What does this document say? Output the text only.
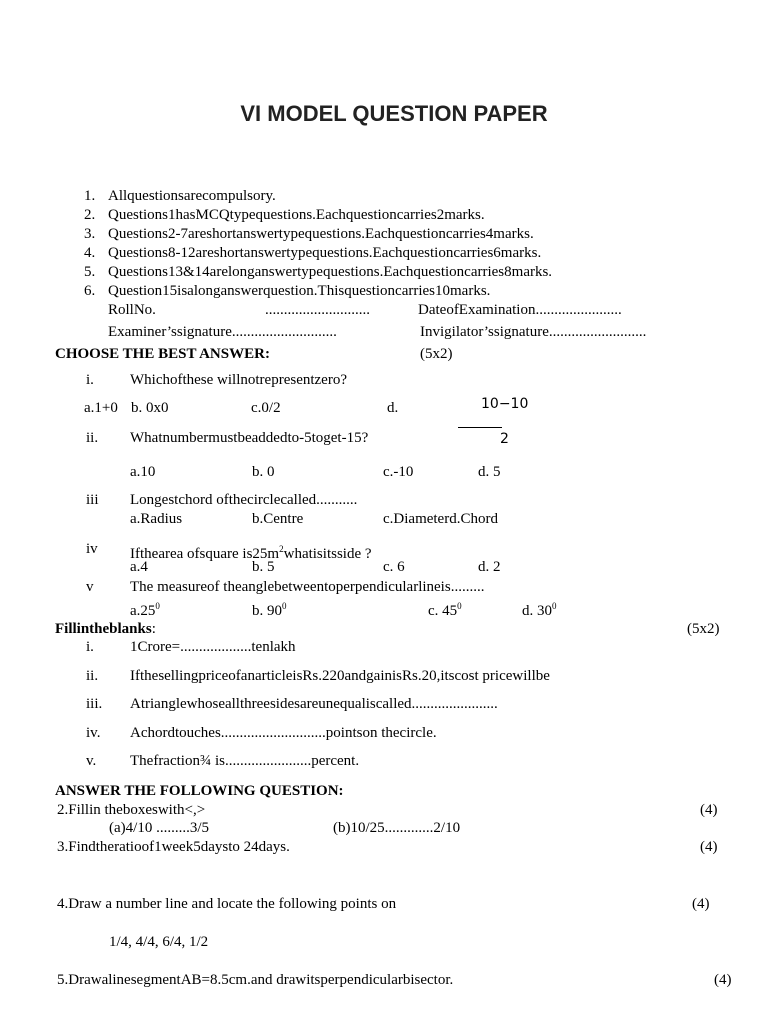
VI MODEL QUESTION PAPER
1. Allquestionsarecompulsory.
2. Questions1hasMCQtypequestions.Eachquestioncarries2marks.
3. Questions2-7areshortanswertypequestions.Eachquestioncarries4marks.
4. Questions8-12areshortanswertypequestions.Eachquestioncarries6marks.
5. Questions13&14arelonganswertypequestions.Eachquestioncarries8marks.
6. Question15isalonganswerquestion.Thisquestioncarries10marks.
RollNo.	............................	DateofExamination.......................
Examiner’ssignature............................	Invigilator’ssignature..........................
CHOOSE THE BEST ANSWER:	(5x2)
i. Whichofthese willnotrepresentzero?
a.1+0 b. 0x0	c.0/2	d.	10−10
2
ii. Whatnumbermustbeaddedto-5toget-15?
a.10	b. 0	c.-10	d. 5
iii Longestchord ofthecirclecalled...........
a.Radius	b.Centre	c.Diameterd.Chord
iv Ifthearea ofsquare $is25m^2whatisitsside$ ?
a.4	b. 5	c. 6	d. 2
v The measureof theanglebetweentoperpendicularlineis.........
$a.25^0$	b. $90^0$	c. $45^0$	d. $30^0$
Fillintheblanks:	(5x2)
i. 1Crore=...................tenlakh
ii. IfthesellingpriceofanarticleisRs.220andgainisRs.20,itscost pricewillbe
iii. Atrianglewhoseallthreesidesareunequaliscalled.......................
iv. Achordtouches............................pointson thecircle.
v. Thefraction¾ is.......................percent.
ANSWER THE FOLLOWING QUESTION:
2.Fillin theboxeswith<,>	(4)
(a)4/10 .........3/5	(b)10/25.............2/10
3.Findtheratioof1week5daysto 24days.	(4)
4.Draw a number line and locate the following points on	(4)
1/4, 4/4, 6/4, 1/2
5.DrawalinesegmentAB=8.5cm.and drawitsperpendicularbisector.	(4)
